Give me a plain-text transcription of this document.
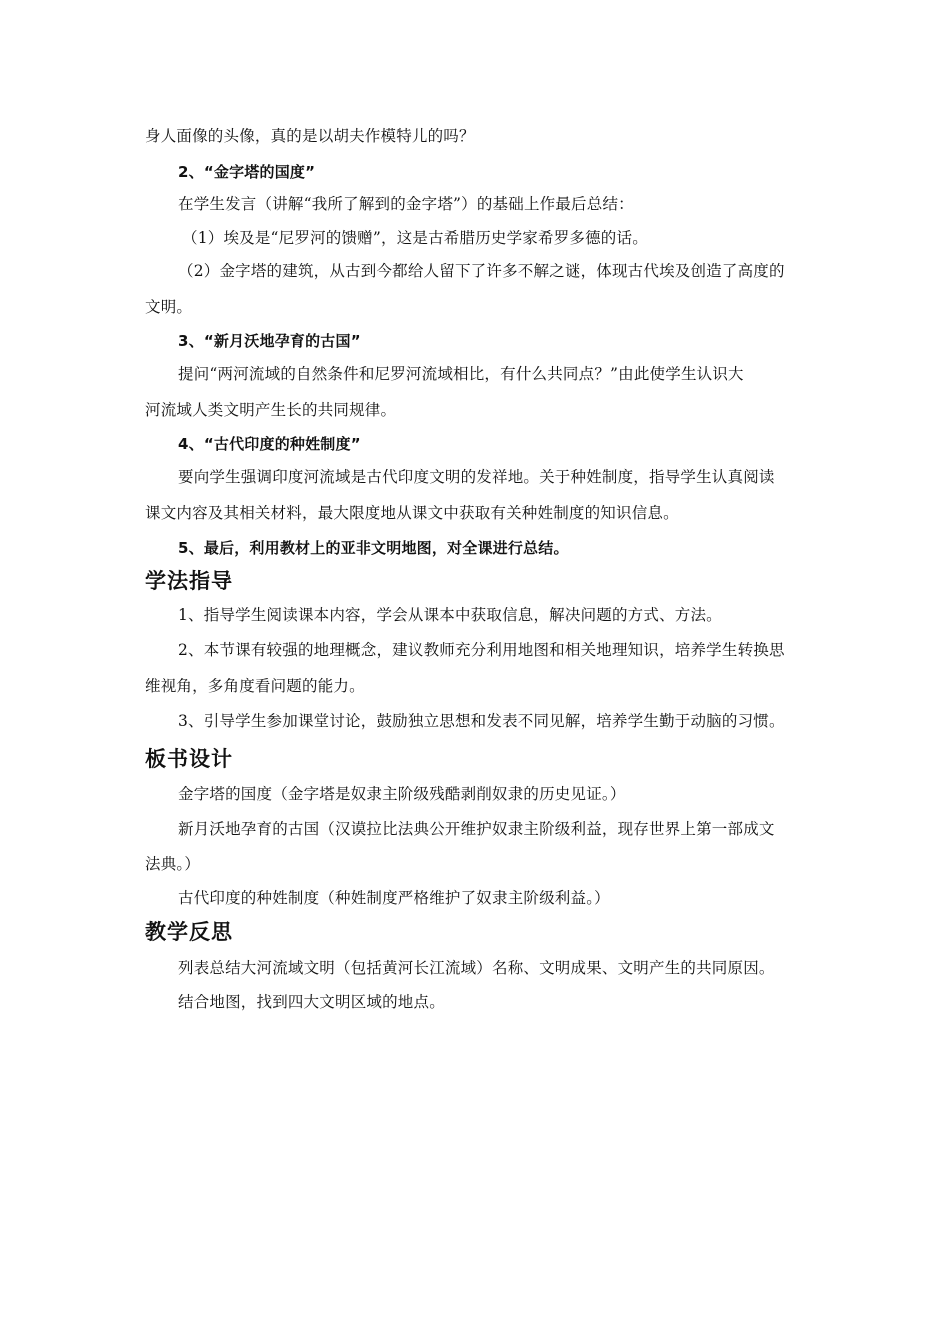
身人面像的头像，真的是以胡夫作模特儿的吗？
2、“金字塔的国度”
在学生发言（讲解“我所了解到的金字塔”）的基础上作最后总结：
（1）埃及是“尼罗河的馈赠”，这是古希腊历史学家希罗多德的话。
（2）金字塔的建筑，从古到今都给人留下了许多不解之谜，体现古代埃及创造了高度的
文明。
3、“新月沃地孕育的古国”
提问“两河流域的自然条件和尼罗河流域相比，有什么共同点？”由此使学生认识大
河流域人类文明产生长的共同规律。
4、“古代印度的种姓制度”
要向学生强调印度河流域是古代印度文明的发祥地。关于种姓制度，指导学生认真阅读
课文内容及其相关材料，最大限度地从课文中获取有关种姓制度的知识信息。
5、最后，利用教材上的亚非文明地图，对全课进行总结。
学法指导
1、指导学生阅读课本内容，学会从课本中获取信息，解决问题的方式、方法。
2、本节课有较强的地理概念，建议教师充分利用地图和相关地理知识，培养学生转换思
维视角，多角度看问题的能力。
3、引导学生参加课堂讨论，鼓励独立思想和发表不同见解，培养学生勤于动脑的习惯。
板书设计
金字塔的国度（金字塔是奴隶主阶级残酷剥削奴隶的历史见证。）
新月沃地孕育的古国（汉谟拉比法典公开维护奴隶主阶级利益，现存世界上第一部成文
法典。）
古代印度的种姓制度（种姓制度严格维护了奴隶主阶级利益。）
教学反思
列表总结大河流域文明（包括黄河长江流域）名称、文明成果、文明产生的共同原因。
结合地图，找到四大文明区域的地点。
